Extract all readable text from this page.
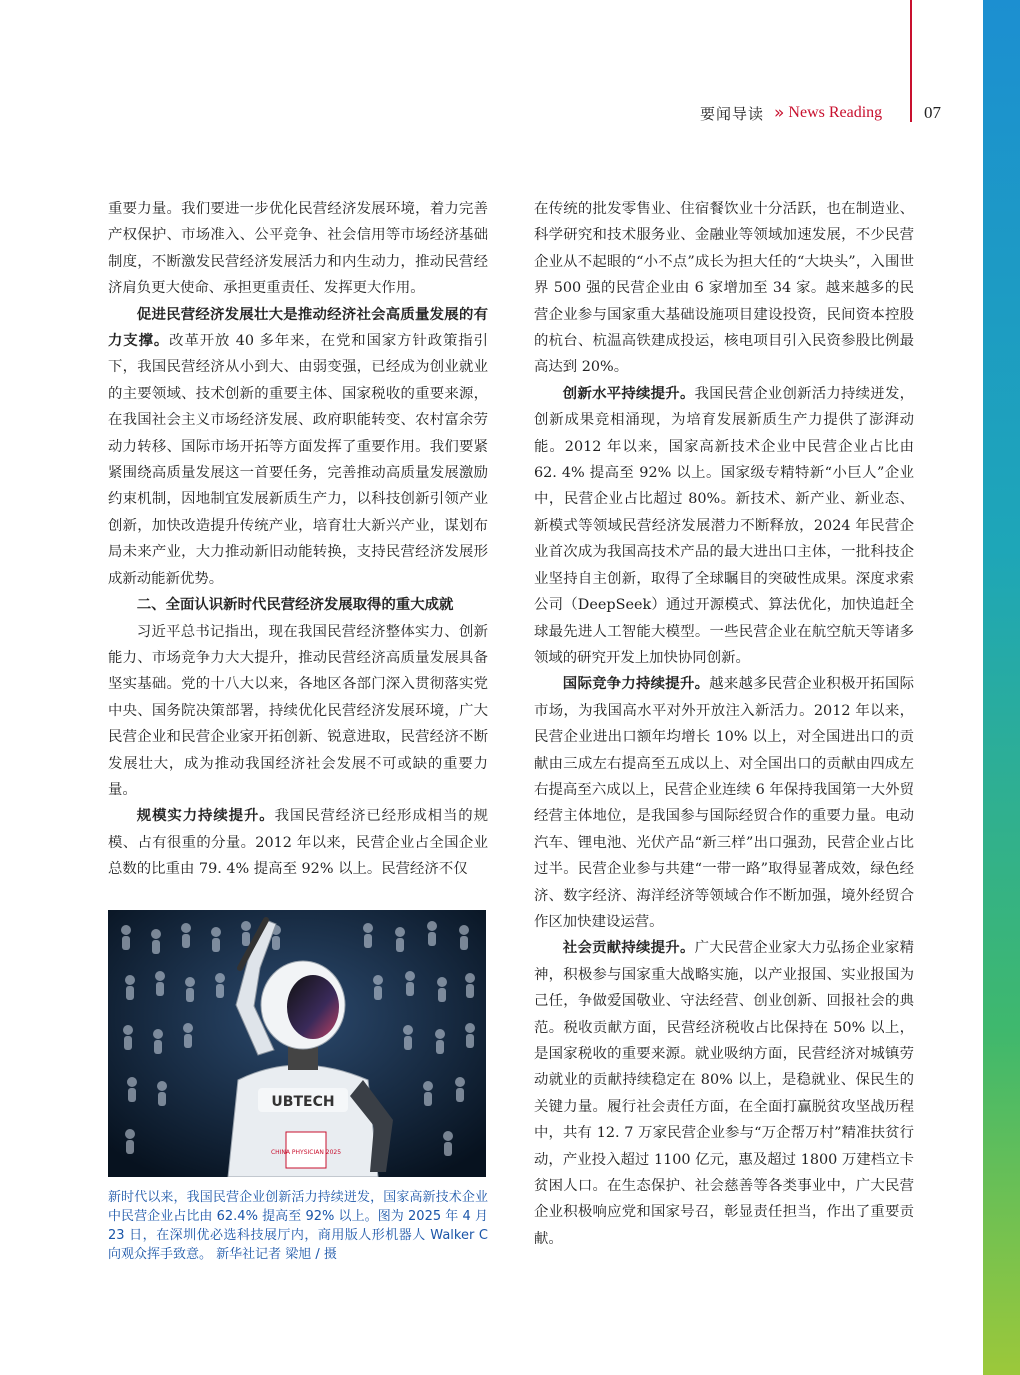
要闻导读 » News Reading 07

重要力量。我们要进一步优化民营经济发展环境，着力完善产权保护、市场准入、公平竞争、社会信用等市场经济基础制度，不断激发民营经济发展活力和内生动力，推动民营经济肩负更大使命、承担更重责任、发挥更大作用。

促进民营经济发展壮大是推动经济社会高质量发展的有力支撑。改革开放 40 多年来，在党和国家方针政策指引下，我国民营经济从小到大、由弱变强，已经成为创业就业的主要领域、技术创新的重要主体、国家税收的重要来源，在我国社会主义市场经济发展、政府职能转变、农村富余劳动力转移、国际市场开拓等方面发挥了重要作用。我们要紧紧围绕高质量发展这一首要任务，完善推动高质量发展激励约束机制，因地制宜发展新质生产力，以科技创新引领产业创新，加快改造提升传统产业，培育壮大新兴产业，谋划布局未来产业，大力推动新旧动能转换，支持民营经济发展形成新动能新优势。

二、全面认识新时代民营经济发展取得的重大成就

习近平总书记指出，现在我国民营经济整体实力、创新能力、市场竞争力大大提升，推动民营经济高质量发展具备坚实基础。党的十八大以来，各地区各部门深入贯彻落实党中央、国务院决策部署，持续优化民营经济发展环境，广大民营企业和民营企业家开拓创新、锐意进取，民营经济不断发展壮大，成为推动我国经济社会发展不可或缺的重要力量。

规模实力持续提升。我国民营经济已经形成相当的规模、占有很重的分量。2012 年以来，民营企业占全国企业总数的比重由 79. 4% 提高至 92% 以上。民营经济不仅

UBTECH
CHINA PHYSICIAN 2025
新时代以来，我国民营企业创新活力持续迸发，国家高新技术企业中民营企业占比由 62.4% 提高至 92% 以上。图为 2025 年 4 月 23 日，在深圳优必选科技展厅内，商用版人形机器人 Walker C 向观众挥手致意。 新华社记者 梁旭 / 摄

在传统的批发零售业、住宿餐饮业十分活跃，也在制造业、科学研究和技术服务业、金融业等领域加速发展，不少民营企业从不起眼的“小不点”成长为担大任的“大块头”，入围世界 500 强的民营企业由 6 家增加至 34 家。越来越多的民营企业参与国家重大基础设施项目建设投资，民间资本控股的杭台、杭温高铁建成投运，核电项目引入民资参股比例最高达到 20%。

创新水平持续提升。我国民营企业创新活力持续迸发，创新成果竞相涌现，为培育发展新质生产力提供了澎湃动能。2012 年以来，国家高新技术企业中民营企业占比由 62. 4% 提高至 92% 以上。国家级专精特新“小巨人”企业中，民营企业占比超过 80%。新技术、新产业、新业态、新模式等领域民营经济发展潜力不断释放，2024 年民营企业首次成为我国高技术产品的最大进出口主体，一批科技企业坚持自主创新，取得了全球瞩目的突破性成果。深度求索公司（DeepSeek）通过开源模式、算法优化，加快追赶全球最先进人工智能大模型。一些民营企业在航空航天等诸多领域的研究开发上加快协同创新。

国际竞争力持续提升。越来越多民营企业积极开拓国际市场，为我国高水平对外开放注入新活力。2012 年以来，民营企业进出口额年均增长 10% 以上，对全国进出口的贡献由三成左右提高至五成以上、对全国出口的贡献由四成左右提高至六成以上，民营企业连续 6 年保持我国第一大外贸经营主体地位，是我国参与国际经贸合作的重要力量。电动汽车、锂电池、光伏产品“新三样”出口强劲，民营企业占比过半。民营企业参与共建“一带一路”取得显著成效，绿色经济、数字经济、海洋经济等领域合作不断加强，境外经贸合作区加快建设运营。

社会贡献持续提升。广大民营企业家大力弘扬企业家精神，积极参与国家重大战略实施，以产业报国、实业报国为己任，争做爱国敬业、守法经营、创业创新、回报社会的典范。税收贡献方面，民营经济税收占比保持在 50% 以上，是国家税收的重要来源。就业吸纳方面，民营经济对城镇劳动就业的贡献持续稳定在 80% 以上，是稳就业、保民生的关键力量。履行社会责任方面，在全面打赢脱贫攻坚战历程中，共有 12. 7 万家民营企业参与“万企帮万村”精准扶贫行动，产业投入超过 1100 亿元，惠及超过 1800 万建档立卡贫困人口。在生态保护、社会慈善等各类事业中，广大民营企业积极响应党和国家号召，彰显责任担当，作出了重要贡献。
